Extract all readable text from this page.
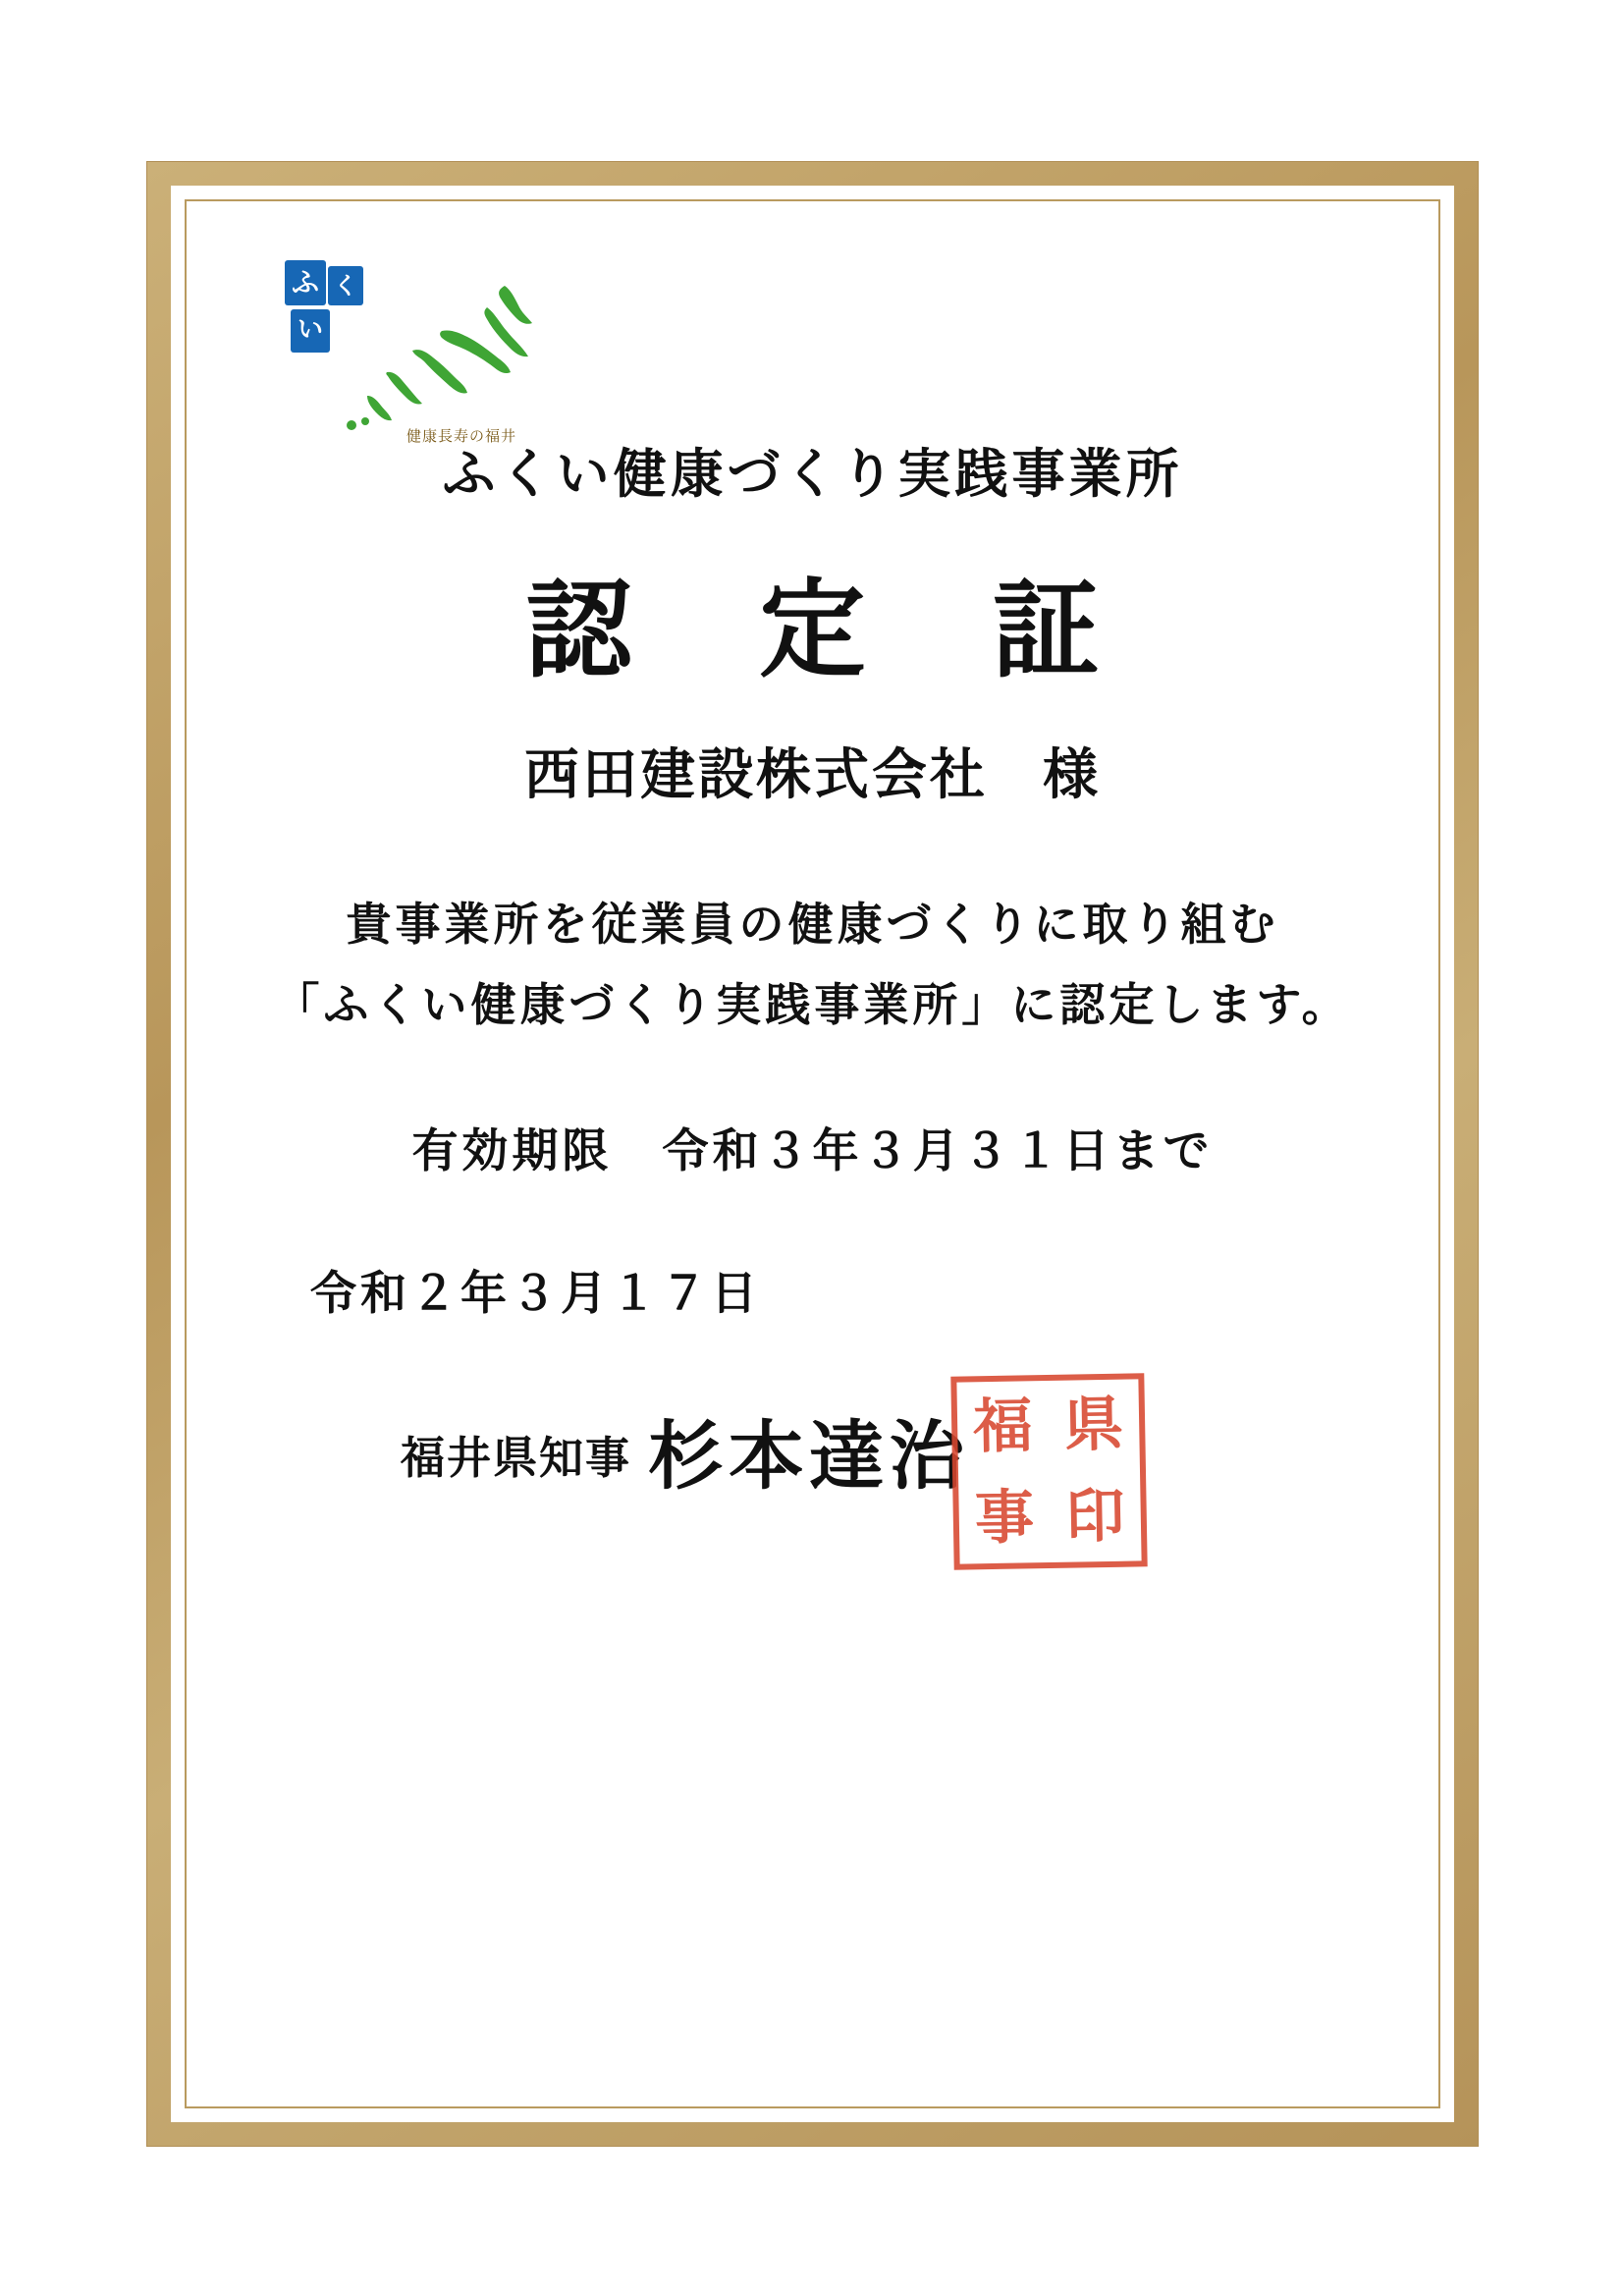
ふ く
い
健康長寿の福井
ふくい健康づくり実践事業所
認 定 証
西田建設株式会社 様
貴事業所を従業員の健康づくりに取り組む
「ふくい健康づくり実践事業所」に認定します。
有効期限　令和３年３月３１日まで
令和２年３月１７日
福井県知事 杉本達治 福 県
事 印
